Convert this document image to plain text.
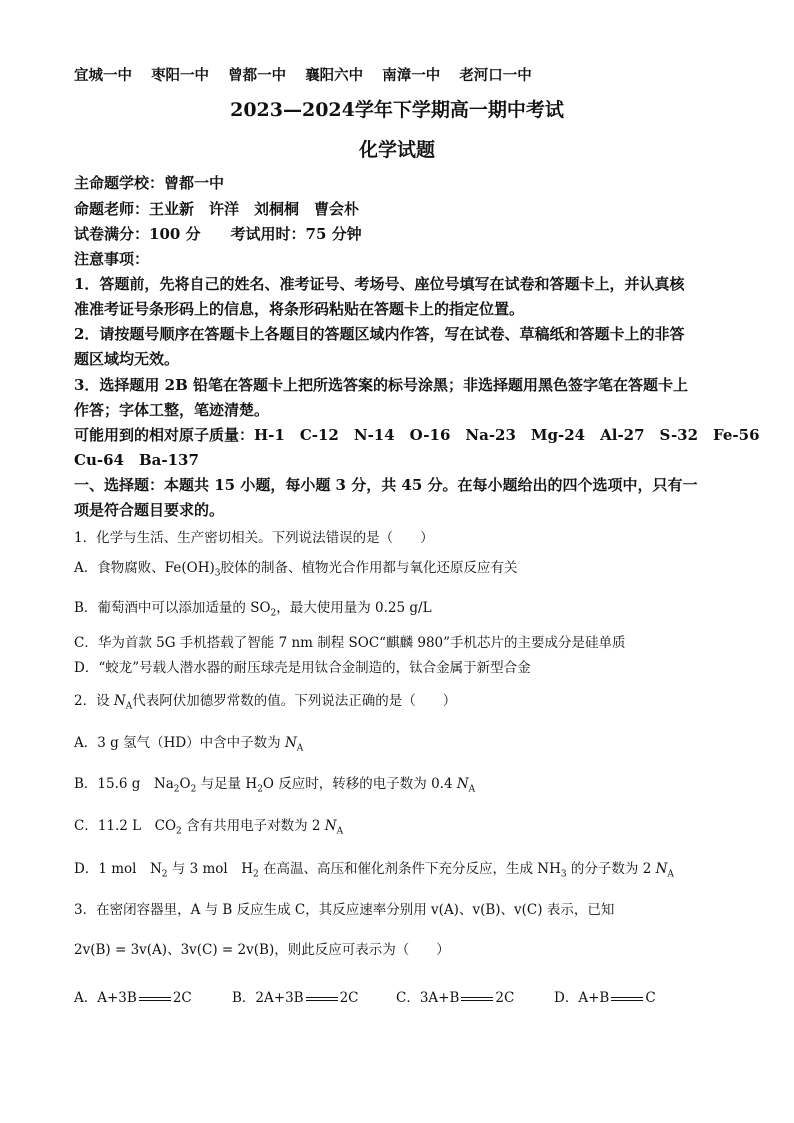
宜城一中 枣阳一中 曾都一中 襄阳六中 南漳一中 老河口一中
2023—2024学年下学期高一期中考试
化学试题
主命题学校：曾都一中
命题老师：王业新　许洋　刘桐桐　曹会朴
试卷满分：100 分　　考试用时：75 分钟
注意事项：
1．答题前，先将自己的姓名、准考证号、考场号、座位号填写在试卷和答题卡上，并认真核
准准考证号条形码上的信息，将条形码粘贴在答题卡上的指定位置。
2．请按题号顺序在答题卡上各题目的答题区域内作答，写在试卷、草稿纸和答题卡上的非答
题区域均无效。
3．选择题用 2B 铅笔在答题卡上把所选答案的标号涂黑；非选择题用黑色签字笔在答题卡上
作答；字体工整，笔迹清楚。
可能用到的相对原子质量：H-1　C-12　N-14　O-16　Na-23　Mg-24　Al-27　S-32　Fe-56
Cu-64　Ba-137
一、选择题：本题共 15 小题，每小题 3 分，共 45 分。在每小题给出的四个选项中，只有一
项是符合题目要求的。
1．化学与生活、生产密切相关。下列说法错误的是（　　）
A．食物腐败、$Fe(OH)_3$胶体的制备、植物光合作用都与氧化还原反应有关
B．葡萄酒中可以添加适量的 $SO_2$，最大使用量为 0.25 g/L
C．华为首款 5G 手机搭载了智能 7 nm 制程 SOC“麒麟 980”手机芯片的主要成分是硅单质
D．“蛟龙”号载人潜水器的耐压球壳是用钛合金制造的，钛合金属于新型合金
2．设 $N_A$代表阿伏加德罗常数的值。下列说法正确的是（　　）
A．3 g 氢气（HD）中含中子数为 $N_A$
B．15.6 g　$Na_2O_2$ 与足量 $H_2O$ 反应时，转移的电子数为 0.4 $N_A$
C．11.2 L　$CO_2$ 含有共用电子对数为 2 $N_A$
D．1 mol　$N_2$ 与 3 mol　$H_2$ 在高温、高压和催化剂条件下充分反应，生成 $NH_3$ 的分子数为 2 $N_A$
3．在密闭容器里，A 与 B 反应生成 C，其反应速率分别用 v(A)、v(B)、v(C) 表示，已知
2v(B) = 3v(A)、3v(C) = 2v(B)，则此反应可表示为（　　）
A．A+3B	2C	B．2A+3B	2C	C．3A+B	2C	D．A+B	C
